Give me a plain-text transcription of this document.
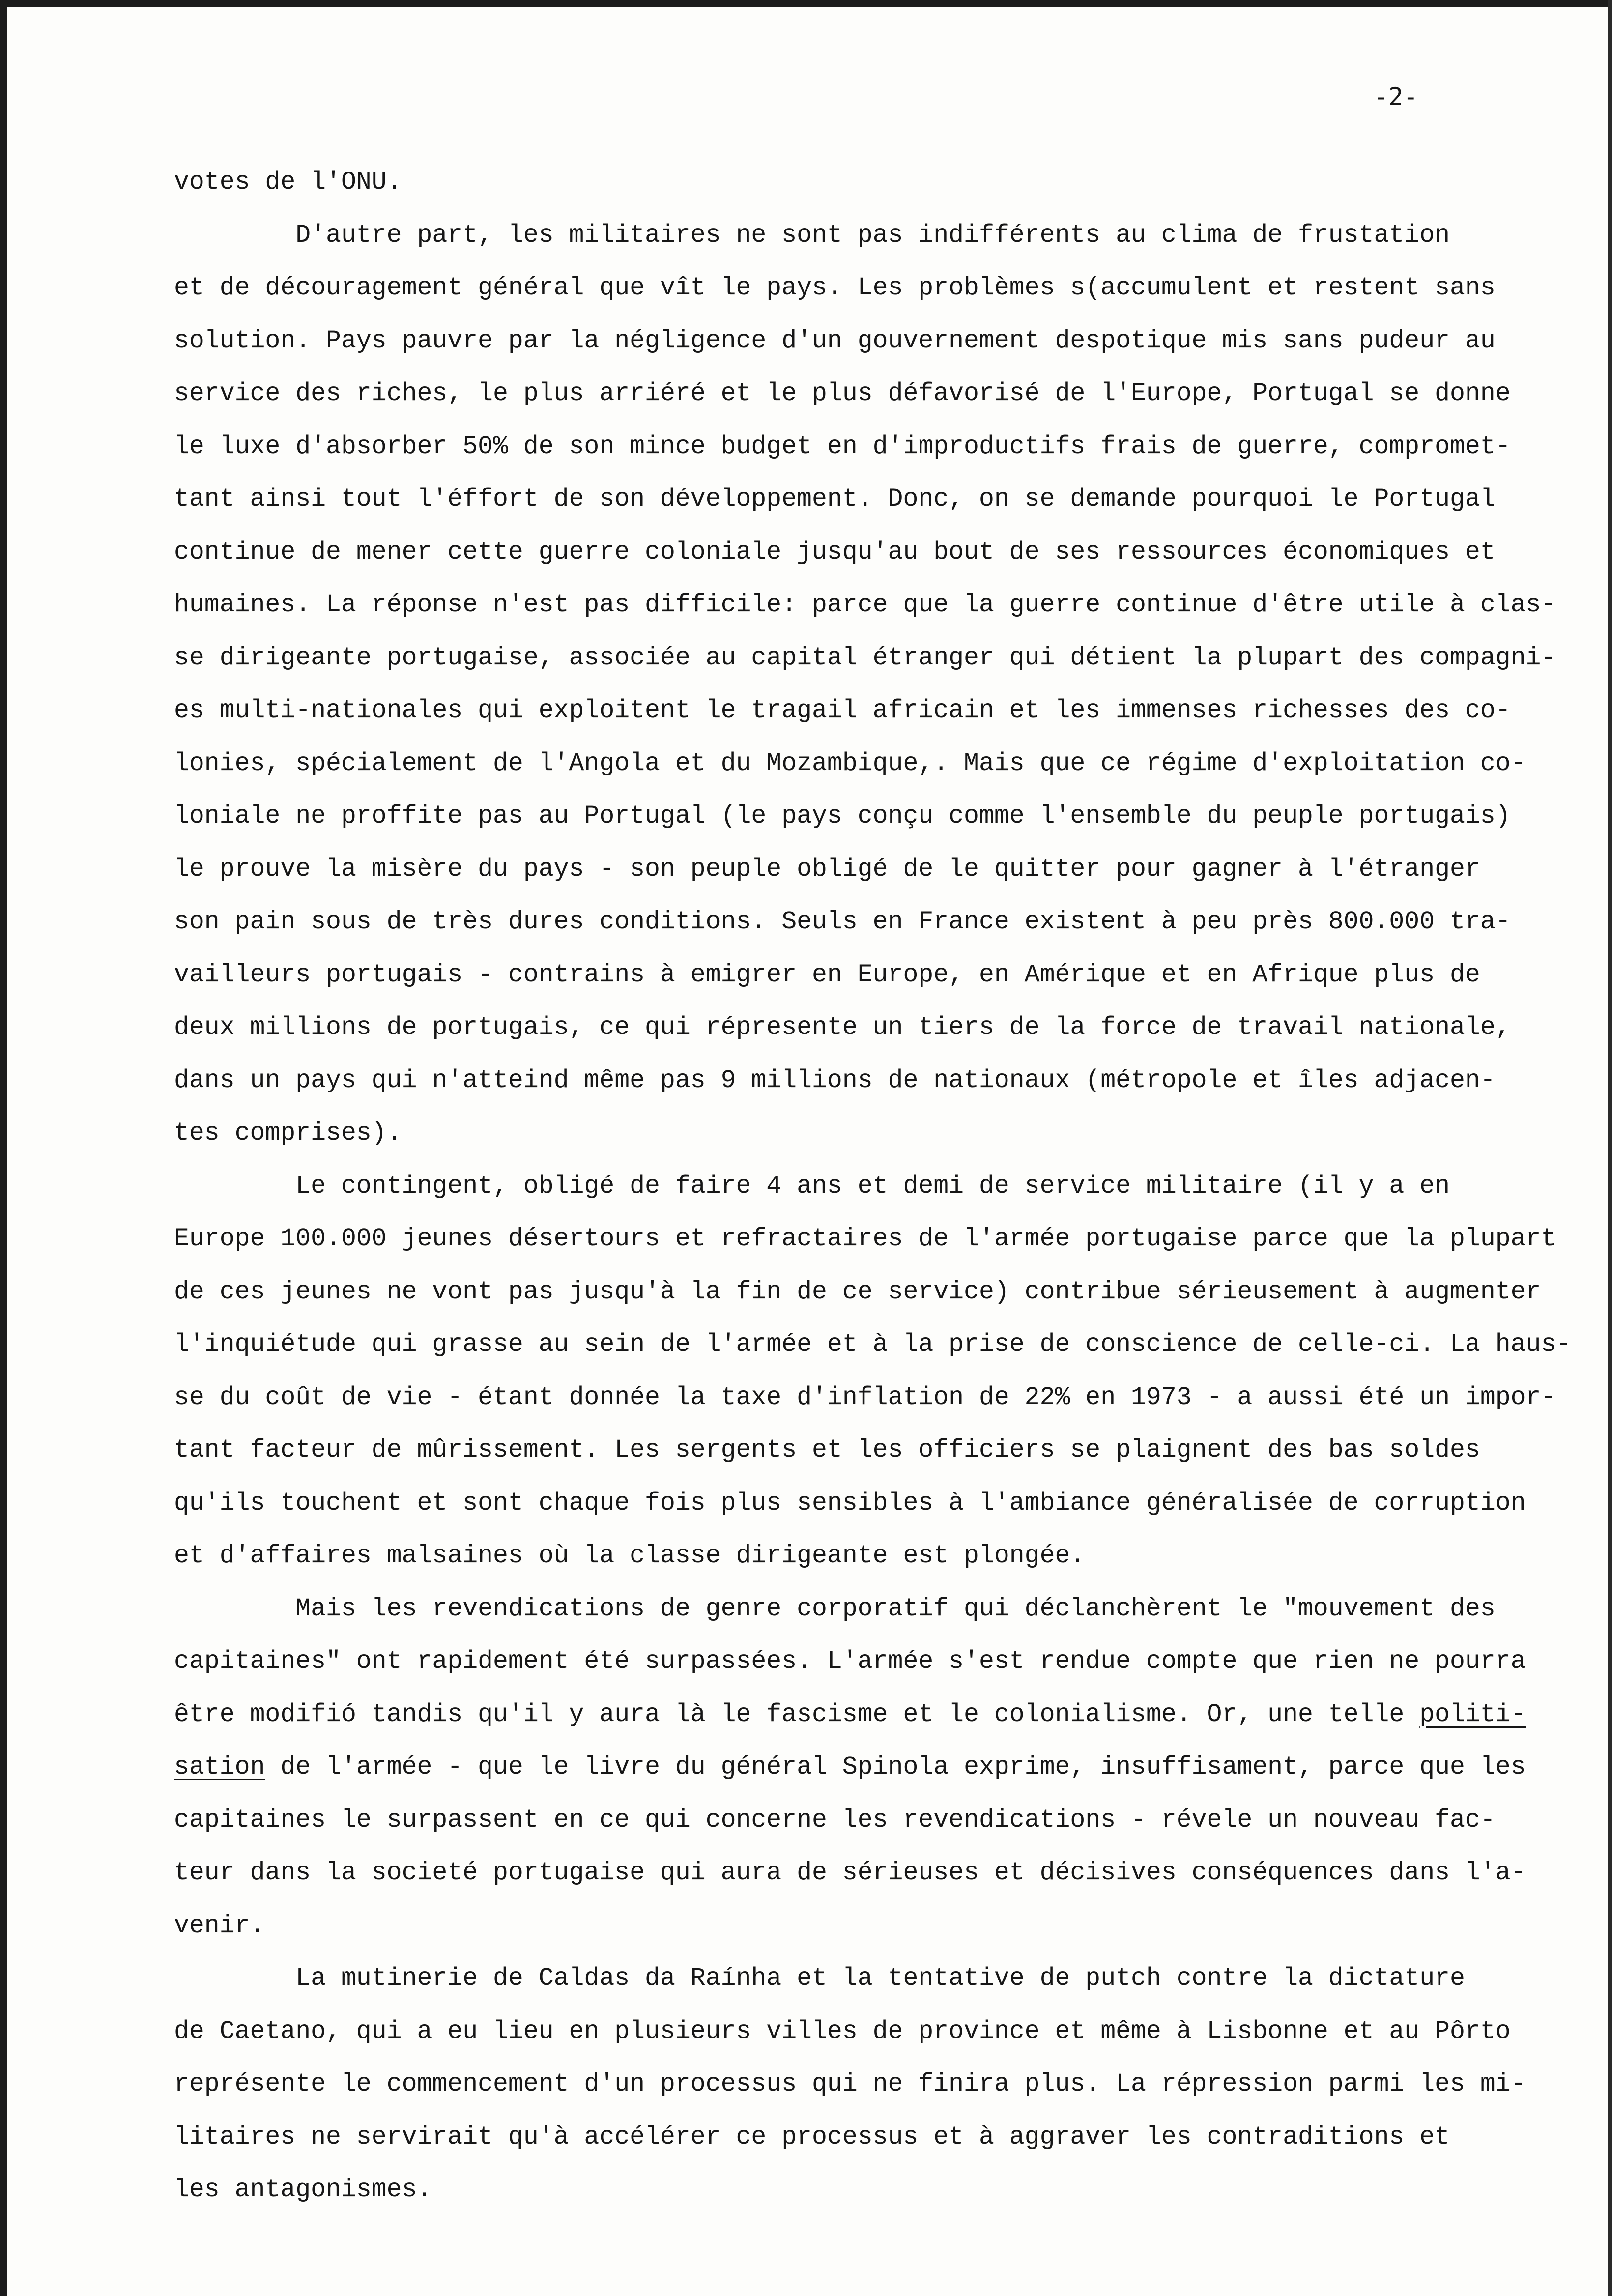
-2-

votes de l'ONU.
D'autre part, les militaires ne sont pas indifférents au clima de frustation
et de découragement général que vît le pays. Les problèmes s(accumulent et restent sans
solution. Pays pauvre par la négligence d'un gouvernement despotique mis sans pudeur au
service des riches, le plus arriéré et le plus défavorisé de l'Europe, Portugal se donne
le luxe d'absorber 50% de son mince budget en d'improductifs frais de guerre, compromet-
tant ainsi tout l'éffort de son développement. Donc, on se demande pourquoi le Portugal
continue de mener cette guerre coloniale jusqu'au bout de ses ressources économiques et
humaines. La réponse n'est pas difficile: parce que la guerre continue d'être utile à clas-
se dirigeante portugaise, associée au capital étranger qui détient la plupart des compagni-
es multi-nationales qui exploitent le tragail africain et les immenses richesses des co-
lonies, spécialement de l'Angola et du Mozambique,. Mais que ce régime d'exploitation co-
loniale ne proffite pas au Portugal (le pays conçu comme l'ensemble du peuple portugais)
le prouve la misère du pays - son peuple obligé de le quitter pour gagner à l'étranger
son pain sous de très dures conditions. Seuls en France existent à peu près 800.000 tra-
vailleurs portugais - contrains à emigrer en Europe, en Amérique et en Afrique plus de
deux millions de portugais, ce qui répresente un tiers de la force de travail nationale,
dans un pays qui n'atteind même pas 9 millions de nationaux (métropole et îles adjacen-
tes comprises).
Le contingent, obligé de faire 4 ans et demi de service militaire (il y a en
Europe 100.000 jeunes désertours et refractaires de l'armée portugaise parce que la plupart
de ces jeunes ne vont pas jusqu'à la fin de ce service) contribue sérieusement à augmenter
l'inquiétude qui grasse au sein de l'armée et à la prise de conscience de celle-ci. La haus-
se du coût de vie - étant donnée la taxe d'inflation de 22% en 1973 - a aussi été un impor-
tant facteur de mûrissement. Les sergents et les officiers se plaignent des bas soldes
qu'ils touchent et sont chaque fois plus sensibles à l'ambiance généralisée de corruption
et d'affaires malsaines où la classe dirigeante est plongée.
Mais les revendications de genre corporatif qui déclanchèrent le "mouvement des
capitaines" ont rapidement été surpassées. L'armée s'est rendue compte que rien ne pourra
être modifió tandis qu'il y aura là le fascisme et le colonialisme. Or, une telle politi-
sation de l'armée - que le livre du général Spinola exprime, insuffisament, parce que les
capitaines le surpassent en ce qui concerne les revendications - révele un nouveau fac-
teur dans la societé portugaise qui aura de sérieuses et décisives conséquences dans l'a-
venir.
La mutinerie de Caldas da Raínha et la tentative de putch contre la dictature
de Caetano, qui a eu lieu en plusieurs villes de province et même à Lisbonne et au Pôrto
représente le commencement d'un processus qui ne finira plus. La répression parmi les mi-
litaires ne servirait qu'à accélérer ce processus et à aggraver les contraditions et
les antagonismes.
